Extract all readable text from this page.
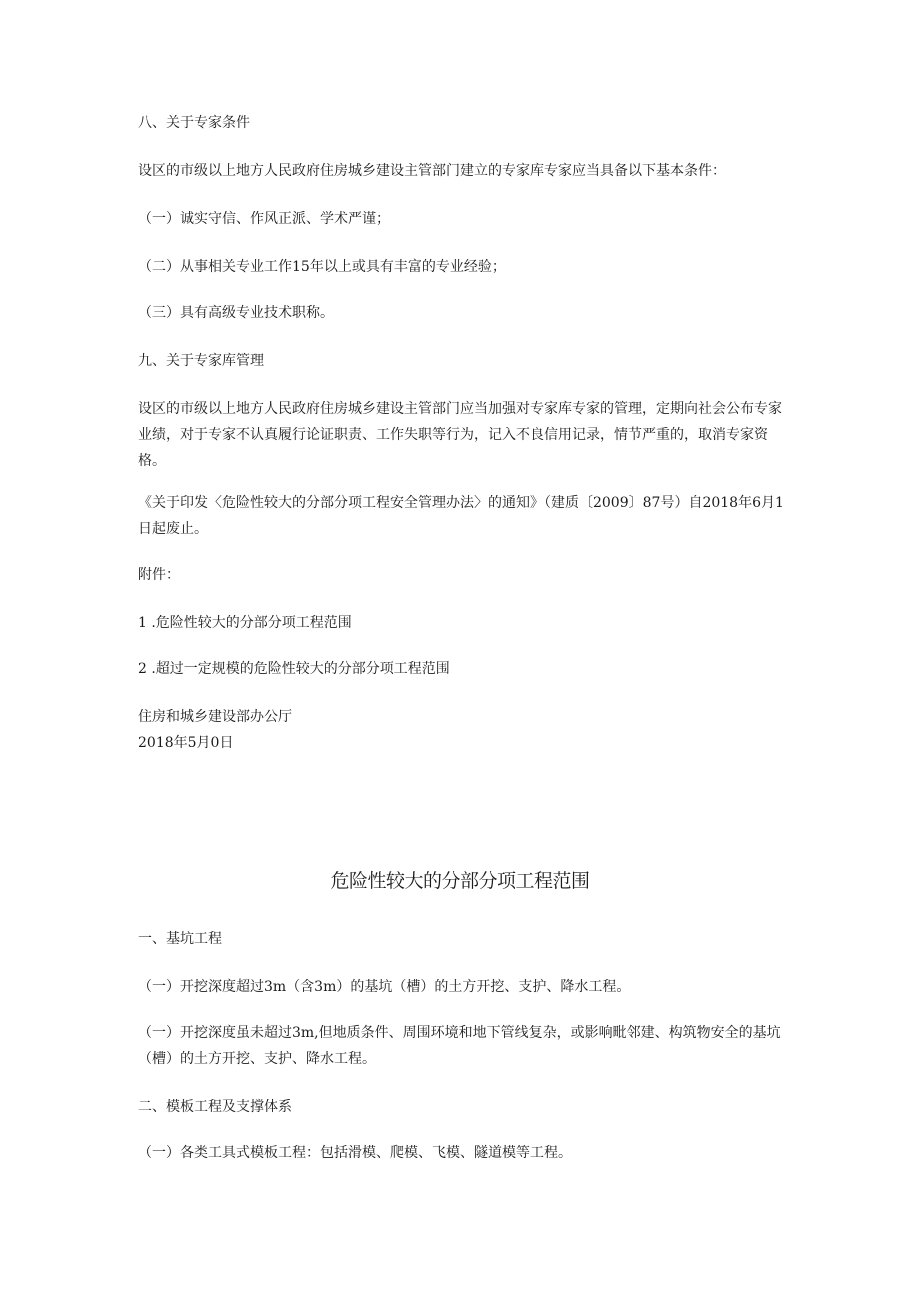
八、关于专家条件

设区的市级以上地方人民政府住房城乡建设主管部门建立的专家库专家应当具备以下基本条件：

（一）诚实守信、作风正派、学术严谨；

（二）从事相关专业工作15年以上或具有丰富的专业经验；

（三）具有高级专业技术职称。

九、关于专家库管理

设区的市级以上地方人民政府住房城乡建设主管部门应当加强对专家库专家的管理，定期向社会公布专家业绩，对于专家不认真履行论证职责、工作失职等行为，记入不良信用记录，情节严重的，取消专家资格。

《关于印发〈危险性较大的分部分项工程安全管理办法〉的通知》（建质〔2009〕87号）自2018年6月1日起废止。

附件：

1 .危险性较大的分部分项工程范围

2 .超过一定规模的危险性较大的分部分项工程范围

住房和城乡建设部办公厅

2018年5月0日

危险性较大的分部分项工程范围

一、基坑工程

（一）开挖深度超过3m（含3m）的基坑（槽）的土方开挖、支护、降水工程。

（一）开挖深度虽未超过3m,但地质条件、周围环境和地下管线复杂，或影响毗邻建、构筑物安全的基坑（槽）的土方开挖、支护、降水工程。

二、模板工程及支撑体系

（一）各类工具式模板工程：包括滑模、爬模、飞模、隧道模等工程。
